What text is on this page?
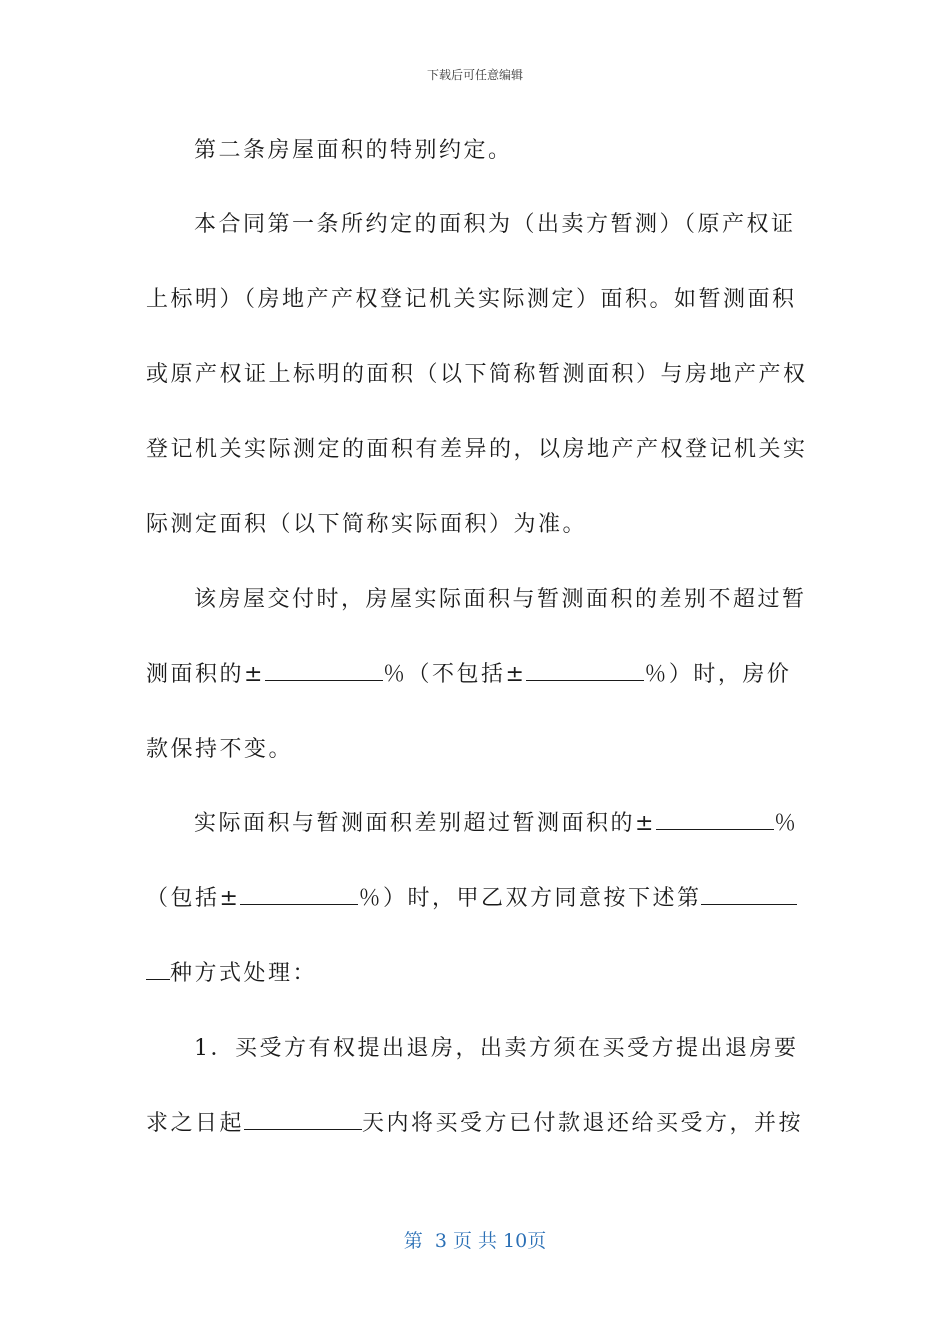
下载后可任意编辑
第二条房屋面积的特别约定。
本合同第一条所约定的面积为（出卖方暂测）（原产权证
上标明）（房地产产权登记机关实际测定）面积。如暂测面积
或原产权证上标明的面积（以下简称暂测面积）与房地产产权
登记机关实际测定的面积有差异的，以房地产产权登记机关实
际测定面积（以下简称实际面积）为准。
该房屋交付时，房屋实际面积与暂测面积的差别不超过暂
测面积的±	％（不包括±	％）时，房价
款保持不变。
实际面积与暂测面积差别超过暂测面积的±	％
（包括±	％）时，甲乙双方同意按下述第
种方式处理：
1．买受方有权提出退房，出卖方须在买受方提出退房要
求之日起	天内将买受方已付款退还给买受方，并按
第  3 页 共 10页
